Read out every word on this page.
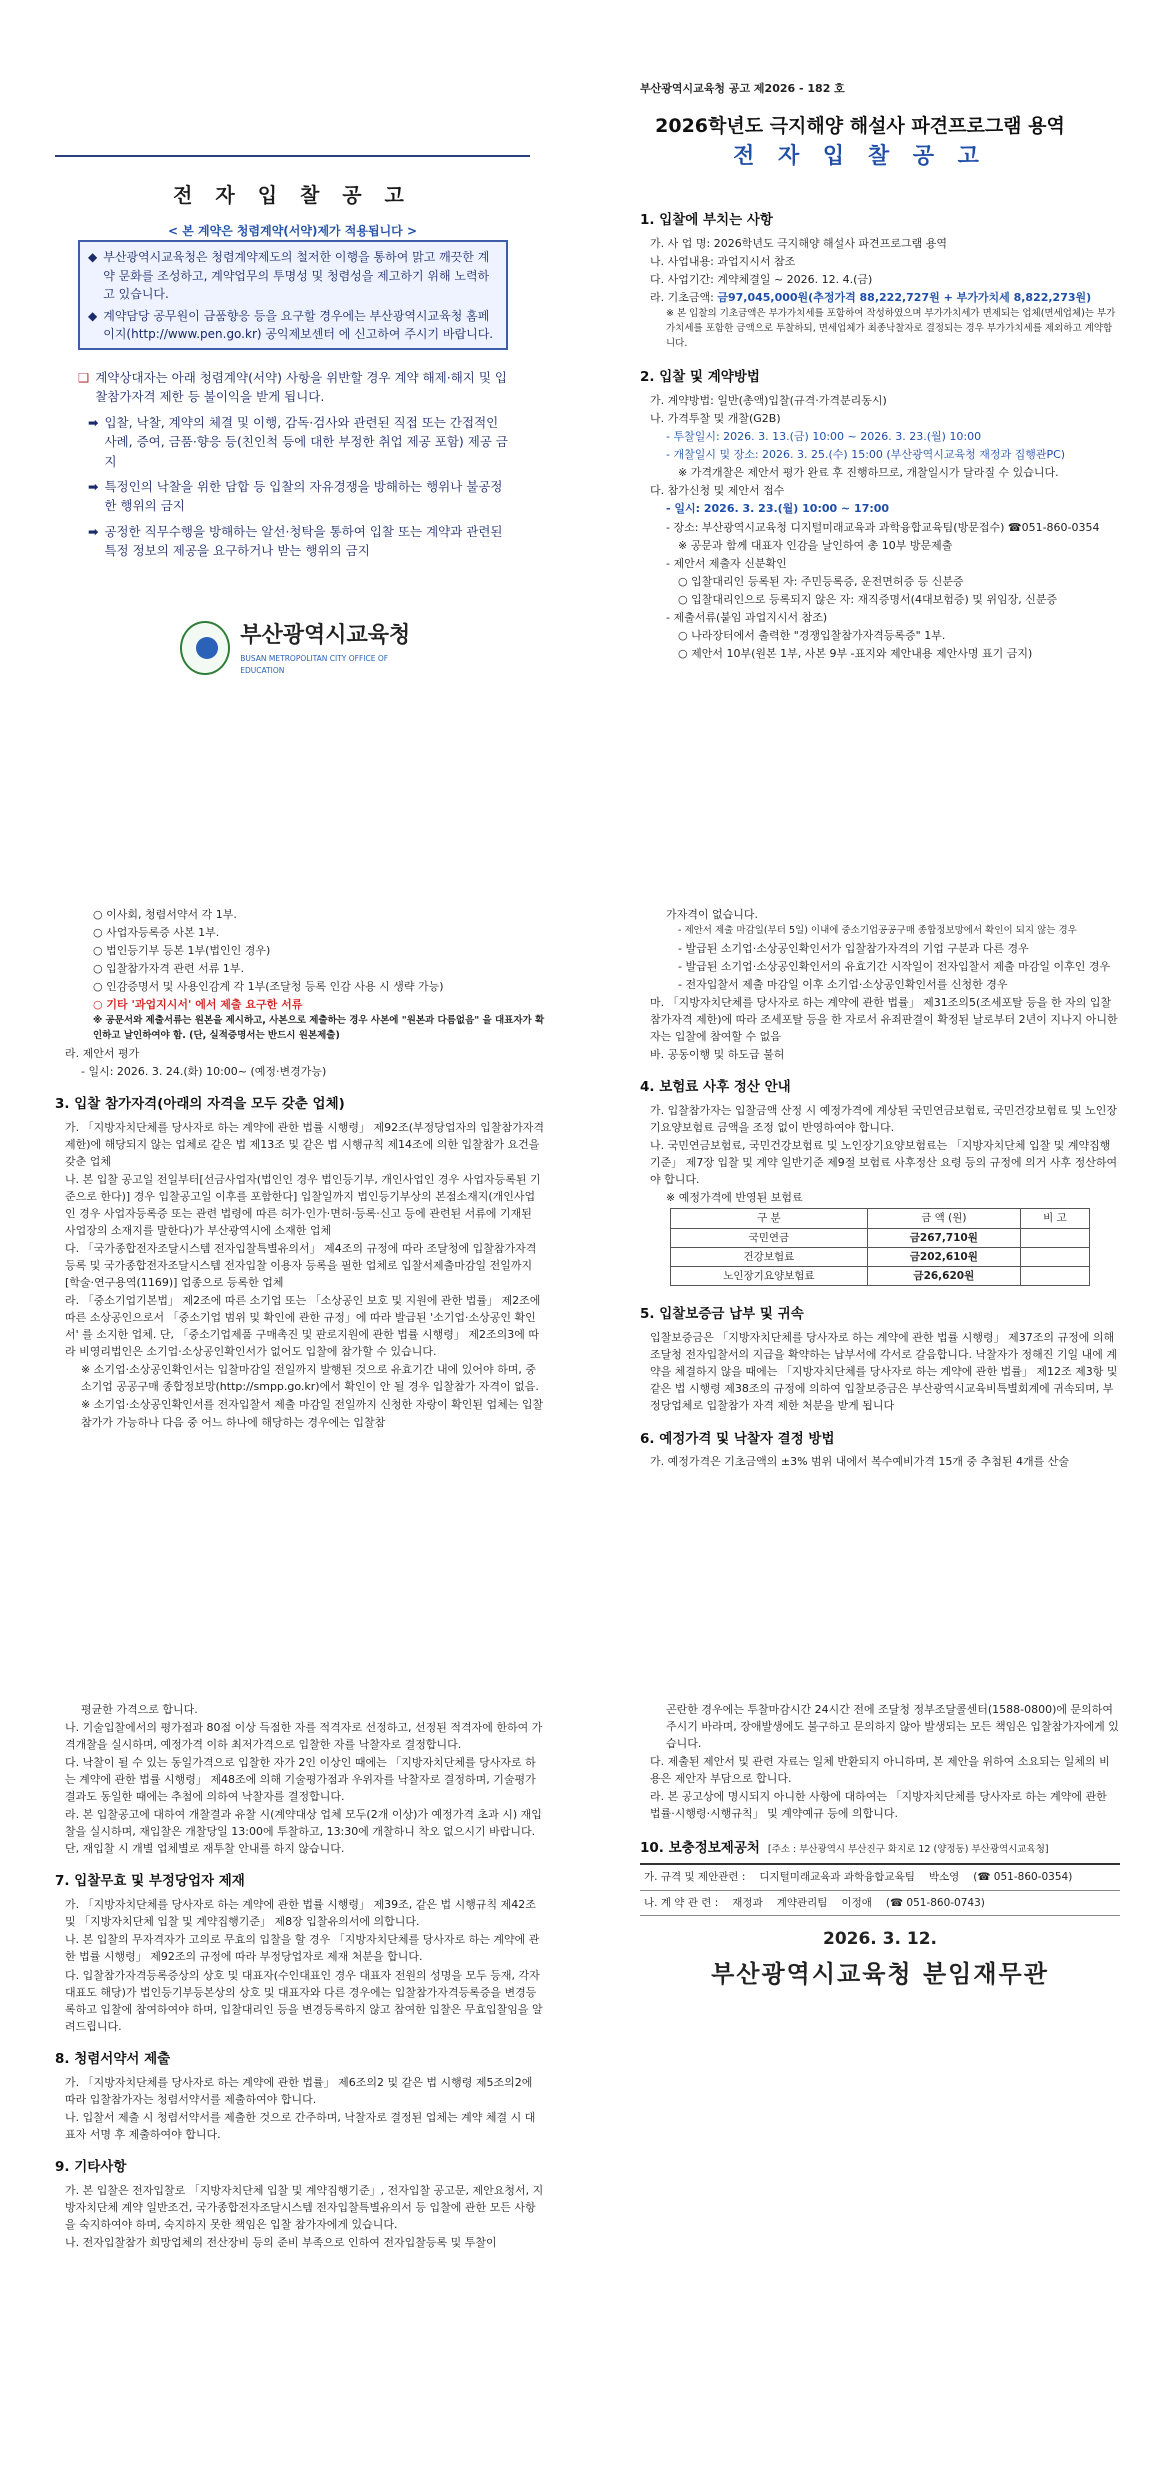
전 자 입 찰 공 고
< 본 계약은 청렴계약(서약)제가 적용됩니다 >
◆ 부산광역시교육청은 청렴계약제도의 철저한 이행을 통하여 맑고 깨끗한 계약 문화를 조성하고, 계약업무의 투명성 및 청렴성을 제고하기 위해 노력하고 있습니다.
◆ 계약담당 공무원이 금품향응 등을 요구할 경우에는 부산광역시교육청 홈페이지(http://www.pen.go.kr) 공익제보센터 에 신고하여 주시기 바랍니다.
❑ 계약상대자는 아래 청렴계약(서약) 사항을 위반할 경우 계약 해제·해지 및 입찰참가자격 제한 등 불이익을 받게 됩니다.
➡ 입찰, 낙찰, 계약의 체결 및 이행, 감독·검사와 관련된 직접 또는 간접적인 사례, 증여, 금품·향응 등(친인척 등에 대한 부정한 취업 제공 포함) 제공 금지
➡ 특정인의 낙찰을 위한 담합 등 입찰의 자유경쟁을 방해하는 행위나 불공정한 행위의 금지
➡ 공정한 직무수행을 방해하는 알선·청탁을 통하여 입찰 또는 계약과 관련된 특정 정보의 제공을 요구하거나 받는 행위의 금지
부산광역시교육청
BUSAN METROPOLITAN CITY OFFICE OF EDUCATION
부산광역시교육청 공고 제2026 - 182 호
2026학년도 극지해양 해설사 파견프로그램 용역
전 자 입 찰 공 고
1. 입찰에 부치는 사항
가. 사 업 명: 2026학년도 극지해양 해설사 파견프로그램 용역
나. 사업내용: 과업지시서 참조
다. 사업기간: 계약체결일 ~ 2026. 12. 4.(금)
라. 기초금액: 금97,045,000원(추정가격 88,222,727원 + 부가가치세 8,822,273원)
※ 본 입찰의 기초금액은 부가가치세를 포함하여 작성하였으며 부가가치세가 면제되는 업체(면세업체)는 부가가치세를 포함한 금액으로 투찰하되, 면세업체가 최종낙찰자로 결정되는 경우 부가가치세를 제외하고 계약합니다.
2. 입찰 및 계약방법
가. 계약방법: 일반(총액)입찰(규격·가격분리동시)
나. 가격투찰 및 개찰(G2B)
- 투찰일시: 2026. 3. 13.(금) 10:00 ~ 2026. 3. 23.(월) 10:00
- 개찰일시 및 장소: 2026. 3. 25.(수) 15:00 (부산광역시교육청 재정과 집행관PC)
※ 가격개찰은 제안서 평가 완료 후 진행하므로, 개찰일시가 달라질 수 있습니다.
다. 참가신청 및 제안서 접수
- 일시: 2026. 3. 23.(월) 10:00 ~ 17:00
- 장소: 부산광역시교육청 디지털미래교육과 과학융합교육팀(방문접수) ☎051-860-0354
※ 공문과 함께 대표자 인감을 날인하여 총 10부 방문제출
- 제안서 제출자 신분확인
○ 입찰대리인 등록된 자: 주민등록증, 운전면허증 등 신분증
○ 입찰대리인으로 등록되지 않은 자: 재직증명서(4대보험증) 및 위임장, 신분증
- 제출서류(붙임 과업지시서 참조)
○ 나라장터에서 출력한 "경쟁입찰참가자격등록증" 1부.
○ 제안서 10부(원본 1부, 사본 9부 -표지와 제안내용 제안사명 표기 금지)
○ 이사회, 청렴서약서 각 1부.
○ 사업자등록증 사본 1부.
○ 법인등기부 등본 1부(법인인 경우)
○ 입찰참가자격 관련 서류 1부.
○ 인감증명서 및 사용인감계 각 1부(조달청 등록 인감 사용 시 생략 가능)
○ 기타 '과업지시서' 에서 제출 요구한 서류
※ 공문서와 제출서류는 원본을 제시하고, 사본으로 제출하는 경우 사본에 "원본과 다름없음" 을 대표자가 확인하고 날인하여야 함. (단, 실적증명서는 반드시 원본제출)
라. 제안서 평가
- 일시: 2026. 3. 24.(화) 10:00~ (예정·변경가능)
3. 입찰 참가자격(아래의 자격을 모두 갖춘 업체)
가. 「지방자치단체를 당사자로 하는 계약에 관한 법률 시행령」 제92조(부정당업자의 입찰참가자격 제한)에 해당되지 않는 업체로 같은 법 제13조 및 같은 법 시행규칙 제14조에 의한 입찰참가 요건을 갖춘 업체
나. 본 입찰 공고일 전일부터[선금사업자(법인인 경우 법인등기부, 개인사업인 경우 사업자등록된 기준으로 한다)] 경우 입찰공고일 이후를 포함한다] 입찰일까지 법인등기부상의 본점소재지(개인사업인 경우 사업자등록증 또는 관련 법령에 따른 허가·인가·면허·등록·신고 등에 관련된 서류에 기재된 사업장의 소재지를 말한다)가 부산광역시에 소재한 업체
다. 「국가종합전자조달시스템 전자입찰특별유의서」 제4조의 규정에 따라 조달청에 입찰참가자격 등록 및 국가종합전자조달시스템 전자입찰 이용자 등록을 필한 업체로 입찰서제출마감일 전일까지 [학술·연구용역(1169)] 업종으로 등록한 업체
라. 「중소기업기본법」 제2조에 따른 소기업 또는 「소상공인 보호 및 지원에 관한 법률」 제2조에 따른 소상공인으로서 「중소기업 범위 및 확인에 관한 규정」에 따라 발급된 '소기업·소상공인 확인서' 를 소지한 업체. 단, 「중소기업제품 구매촉진 및 판로지원에 관한 법률 시행령」 제2조의3에 따라 비영리법인은 소기업·소상공인확인서가 없어도 입찰에 참가할 수 있습니다.
※ 소기업·소상공인확인서는 입찰마감일 전일까지 발행된 것으로 유효기간 내에 있어야 하며, 중소기업 공공구매 종합정보망(http://smpp.go.kr)에서 확인이 안 될 경우 입찰참가 자격이 없음.
※ 소기업·소상공인확인서를 전자입찰서 제출 마감일 전일까지 신청한 자랑이 확인된 업체는 입찰참가가 가능하나 다음 중 어느 하나에 해당하는 경우에는 입찰참
가자격이 없습니다.
- 제안서 제출 마감일(부터 5일) 이내에 중소기업공공구매 종합정보망에서 확인이 되지 않는 경우
- 발급된 소기업·소상공인확인서가 입찰참가자격의 기업 구분과 다른 경우
- 발급된 소기업·소상공인확인서의 유효기간 시작일이 전자입찰서 제출 마감일 이후인 경우
- 전자입찰서 제출 마감일 이후 소기업·소상공인확인서를 신청한 경우
마. 「지방자치단체를 당사자로 하는 계약에 관한 법률」 제31조의5(조세포탈 등을 한 자의 입찰 참가자격 제한)에 따라 조세포탈 등을 한 자로서 유죄판결이 확정된 날로부터 2년이 지나지 아니한 자는 입찰에 참여할 수 없음
바. 공동이행 및 하도급 불허
4. 보험료 사후 정산 안내
가. 입찰참가자는 입찰금액 산정 시 예정가격에 계상된 국민연금보험료, 국민건강보험료 및 노인장기요양보험료 금액을 조정 없이 반영하여야 합니다.
나. 국민연금보험료, 국민건강보험료 및 노인장기요양보험료는 「지방자치단체 입찰 및 계약집행기준」 제7장 입찰 및 계약 일반기준 제9절 보험료 사후정산 요령 등의 규정에 의거 사후 정산하여야 합니다.
※ 예정가격에 반영된 보험료
구 분	금 액 (원)	비 고
국민연금	금267,710원	
건강보험료	금202,610원	
노인장기요양보험료	금26,620원	
5. 입찰보증금 납부 및 귀속
입찰보증금은 「지방자치단체를 당사자로 하는 계약에 관한 법률 시행령」 제37조의 규정에 의해 조달청 전자입찰서의 지급을 확약하는 납부서에 각서로 갈음합니다. 낙찰자가 정해진 기일 내에 계약을 체결하지 않을 때에는 「지방자치단체를 당사자로 하는 계약에 관한 법률」 제12조 제3항 및 같은 법 시행령 제38조의 규정에 의하여 입찰보증금은 부산광역시교육비특별회계에 귀속되며, 부정당업체로 입찰참가 자격 제한 처분을 받게 됩니다
6. 예정가격 및 낙찰자 결정 방법
가. 예정가격은 기초금액의 ±3% 범위 내에서 복수예비가격 15개 중 추첨된 4개를 산술
평균한 가격으로 합니다.
나. 기술입찰에서의 평가점과 80점 이상 득점한 자를 적격자로 선정하고, 선정된 적격자에 한하여 가격개찰을 실시하며, 예정가격 이하 최저가격으로 입찰한 자를 낙찰자로 결정합니다.
다. 낙찰이 될 수 있는 동일가격으로 입찰한 자가 2인 이상인 때에는 「지방자치단체를 당사자로 하는 계약에 관한 법률 시행령」 제48조에 의해 기술평가점과 우위자를 낙찰자로 결정하며, 기술평가 결과도 동일한 때에는 추첨에 의하여 낙찰자를 결정합니다.
라. 본 입찰공고에 대하여 개찰결과 유찰 시(계약대상 업체 모두(2개 이상)가 예정가격 초과 시) 재입찰을 실시하며, 재입찰은 개찰당일 13:00에 투찰하고, 13:30에 개찰하니 착오 없으시기 바랍니다. 단, 재입찰 시 개별 업체별로 재투찰 안내를 하지 않습니다.
7. 입찰무효 및 부정당업자 제재
가. 「지방자치단체를 당사자로 하는 계약에 관한 법률 시행령」 제39조, 같은 법 시행규칙 제42조 및 「지방자치단체 입찰 및 계약집행기준」 제8장 입찰유의서에 의합니다.
나. 본 입찰의 무자격자가 고의로 무효의 입찰을 할 경우 「지방자치단체를 당사자로 하는 계약에 관한 법률 시행령」 제92조의 규정에 따라 부정당업자로 제재 처분을 합니다.
다. 입찰참가자격등록증상의 상호 및 대표자(수인대표인 경우 대표자 전원의 성명을 모두 등재, 각자 대표도 해당)가 법인등기부등본상의 상호 및 대표자와 다른 경우에는 입찰참가자격등록증을 변경등록하고 입찰에 참여하여야 하며, 입찰대리인 등을 변경등록하지 않고 참여한 입찰은 무효입찰임을 알려드립니다.
8. 청렴서약서 제출
가. 「지방자치단체를 당사자로 하는 계약에 관한 법률」 제6조의2 및 같은 법 시행령 제5조의2에 따라 입찰참가자는 청렴서약서를 제출하여야 합니다.
나. 입찰서 제출 시 청렴서약서를 제출한 것으로 간주하며, 낙찰자로 결정된 업체는 계약 체결 시 대표자 서명 후 제출하여야 합니다.
9. 기타사항
가. 본 입찰은 전자입찰로 「지방자치단체 입찰 및 계약집행기준」, 전자입찰 공고문, 제안요청서, 지방자치단체 계약 일반조건, 국가종합전자조달시스템 전자입찰특별유의서 등 입찰에 관한 모든 사항을 숙지하여야 하며, 숙지하지 못한 책임은 입찰 참가자에게 있습니다.
나. 전자입찰참가 희망업체의 전산장비 등의 준비 부족으로 인하여 전자입찰등록 및 투찰이
곤란한 경우에는 투찰마감시간 24시간 전에 조달청 정부조달콜센터(1588-0800)에 문의하여 주시기 바라며, 장애발생에도 불구하고 문의하지 않아 발생되는 모든 책임은 입찰참가자에게 있습니다.
다. 제출된 제안서 및 관련 자료는 일체 반환되지 아니하며, 본 제안을 위하여 소요되는 일체의 비용은 제안자 부담으로 합니다.
라. 본 공고상에 명시되지 아니한 사항에 대하여는 「지방자치단체를 당사자로 하는 계약에 관한 법률·시행령·시행규칙」 및 계약예규 등에 의합니다.
10. 보충정보제공처 [주소 : 부산광역시 부산진구 화지로 12 (양정동) 부산광역시교육청]
가. 규격 및 제안관련 : 디지털미래교육과 과학융합교육팀 박소영 (☎ 051-860-0354)
나. 계 약 관 련 : 재정과 계약관리팀 이정애 (☎ 051-860-0743)
2026. 3. 12.
부산광역시교육청 분임재무관
